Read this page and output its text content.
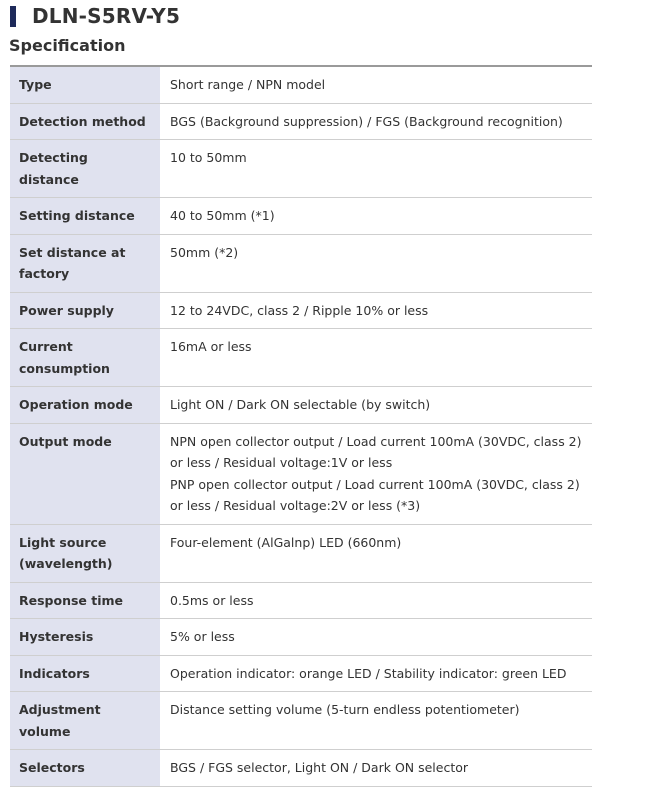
DLN-S5RV-Y5
Specification
Type	Short range / NPN model

Detection method	BGS (Background suppression) / FGS (Background recognition)

Detecting distance	10 to 50mm

Setting distance	40 to 50mm (*1)

Set distance at factory	50mm (*2)

Power supply	12 to 24VDC, class 2 / Ripple 10% or less

Current consumption	16mA or less

Operation mode	Light ON / Dark ON selectable (by switch)

Output mode	NPN open collector output / Load current 100mA (30VDC, class 2) or less / Residual voltage:1V or less
PNP open collector output / Load current 100mA (30VDC, class 2) or less / Residual voltage:2V or less (*3)

Light source (wavelength)	Four-element (AlGalnp) LED (660nm)

Response time	0.5ms or less

Hysteresis	5% or less

Indicators	Operation indicator: orange LED / Stability indicator: green LED

Adjustment volume	Distance setting volume (5-turn endless potentiometer)

Selectors	BGS / FGS selector, Light ON / Dark ON selector
